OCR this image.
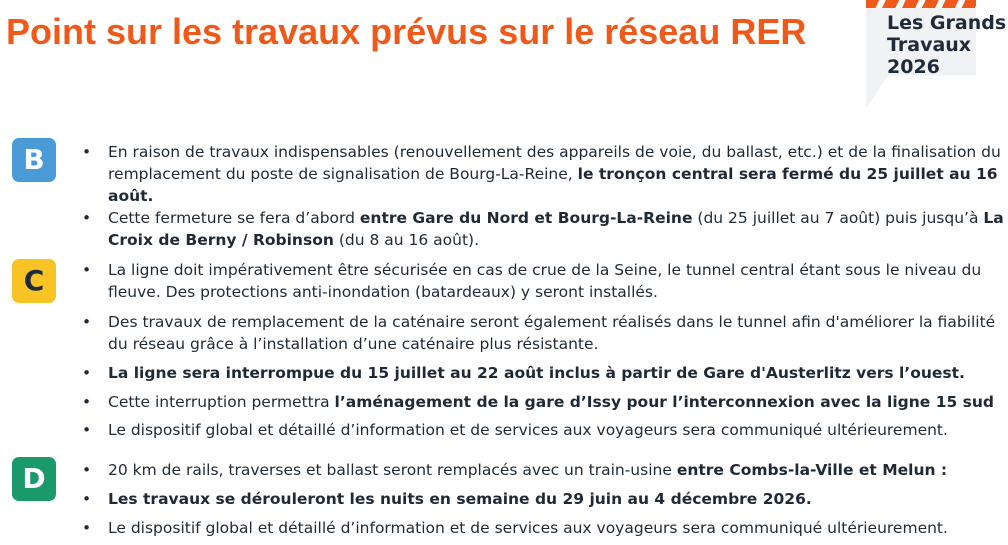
Les Grands
Travaux
2026
Point sur les travaux prévus sur le réseau RER
B	• En raison de travaux indispensables (renouvellement des appareils de voie, du ballast, etc.) et de la finalisation du remplacement du poste de signalisation de Bourg-La-Reine, le tronçon central sera fermé du 25 juillet au 16 août.
• Cette fermeture se fera d’abord entre Gare du Nord et Bourg-La-Reine (du 25 juillet au 7 août) puis jusqu’à La Croix de Berny / Robinson (du 8 au 16 août).
C	• La ligne doit impérativement être sécurisée en cas de crue de la Seine, le tunnel central étant sous le niveau du fleuve. Des protections anti-inondation (batardeaux) y seront installés.
• Des travaux de remplacement de la caténaire seront également réalisés dans le tunnel afin d'améliorer la fiabilité du réseau grâce à l’installation d’une caténaire plus résistante.
• La ligne sera interrompue du 15 juillet au 22 août inclus à partir de Gare d'Austerlitz vers l’ouest.
• Cette interruption permettra l’aménagement de la gare d’Issy pour l’interconnexion avec la ligne 15 sud
• Le dispositif global et détaillé d’information et de services aux voyageurs sera communiqué ultérieurement.
D	• 20 km de rails, traverses et ballast seront remplacés avec un train-usine entre Combs-la-Ville et Melun :
• Les travaux se dérouleront les nuits en semaine du 29 juin au 4 décembre 2026.
• Le dispositif global et détaillé d’information et de services aux voyageurs sera communiqué ultérieurement.
